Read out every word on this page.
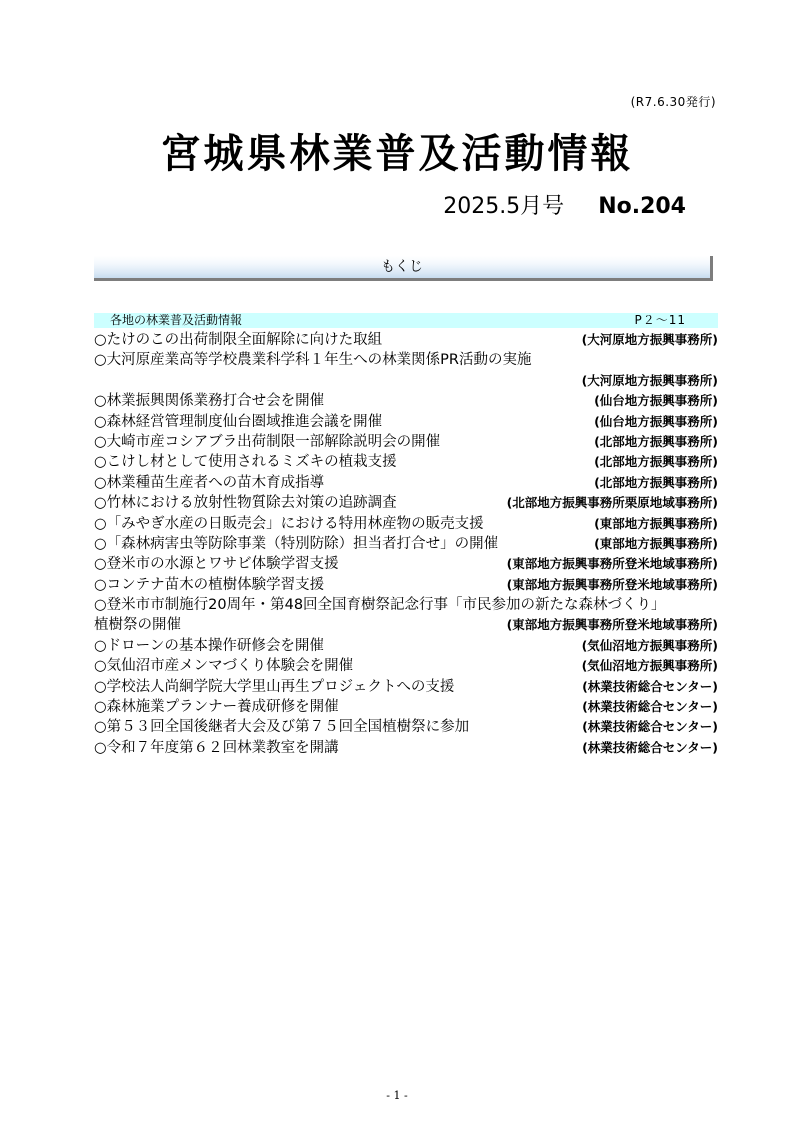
(R7.6.30発行)
宮城県林業普及活動情報
2025.5月号 No.204
もくじ
各地の林業普及活動情報	P２～11
○たけのこの出荷制限全面解除に向けた取組	(大河原地方振興事務所)
○大河原産業高等学校農業科学科１年生への林業関係PR活動の実施
(大河原地方振興事務所)
○林業振興関係業務打合せ会を開催	(仙台地方振興事務所)
○森林経営管理制度仙台圏域推進会議を開催	(仙台地方振興事務所)
○大崎市産コシアブラ出荷制限一部解除説明会の開催	(北部地方振興事務所)
○こけし材として使用されるミズキの植栽支援	(北部地方振興事務所)
○林業種苗生産者への苗木育成指導	(北部地方振興事務所)
○竹林における放射性物質除去対策の追跡調査	(北部地方振興事務所栗原地域事務所)
○「みやぎ水産の日販売会」における特用林産物の販売支援	(東部地方振興事務所)
○「森林病害虫等防除事業（特別防除）担当者打合せ」の開催	(東部地方振興事務所)
○登米市の水源とワサビ体験学習支援	(東部地方振興事務所登米地域事務所)
○コンテナ苗木の植樹体験学習支援	(東部地方振興事務所登米地域事務所)
○登米市市制施行20周年・第48回全国育樹祭記念行事「市民参加の新たな森林づくり」
植樹祭の開催	(東部地方振興事務所登米地域事務所)
○ドローンの基本操作研修会を開催	(気仙沼地方振興事務所)
○気仙沼市産メンマづくり体験会を開催	(気仙沼地方振興事務所)
○学校法人尚絅学院大学里山再生プロジェクトへの支援	(林業技術総合センター)
○森林施業プランナー養成研修を開催	(林業技術総合センター)
○第５３回全国後継者大会及び第７５回全国植樹祭に参加	(林業技術総合センター)
○令和７年度第６２回林業教室を開講	(林業技術総合センター)
- 1 -
